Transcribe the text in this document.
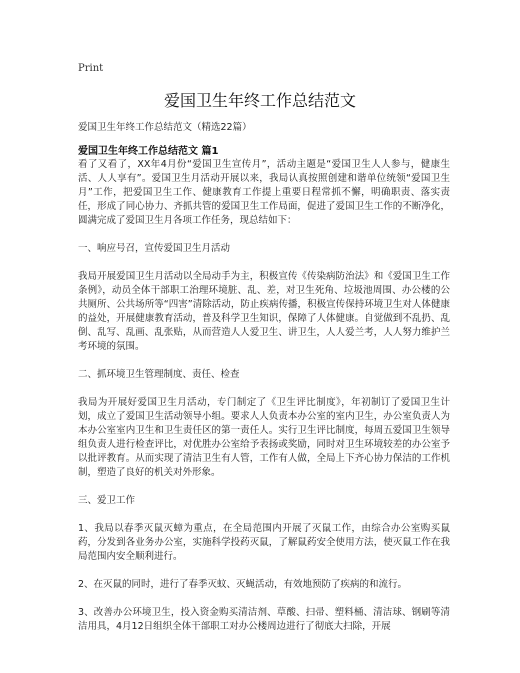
Print
爱国卫生年终工作总结范文
爱国卫生年终工作总结范文（精选22篇）
爱国卫生年终工作总结范文 篇1

看了又看了，XX年4月份“爱国卫生宣传月”，活动主题是“爱国卫生人人参与，健康生活、人人享有”。爱国卫生月活动开展以来，我局认真按照创建和谐单位统领“爱国卫生月”工作，把爱国卫生工作、健康教育工作提上重要日程常抓不懈，明确职责、落实责任，形成了同心协力、齐抓共管的爱国卫生工作局面，促进了爱国卫生工作的不断净化，圆满完成了爱国卫生月各项工作任务，现总结如下：

一、响应号召，宣传爱国卫生月活动

我局开展爱国卫生月活动以全局动手为主，积极宣传《传染病防治法》和《爱国卫生工作条例》，动员全体干部职工治理环境脏、乱、差，对卫生死角、垃圾池周围、办公楼的公共厕所、公共场所等“四害”清除活动，防止疾病传播，积极宣传保持环境卫生对人体健康的益处，开展健康教育活动，普及科学卫生知识，保障了人体健康。自觉做到不乱扔、乱倒、乱写、乱画、乱张贴，从而营造人人爱卫生、讲卫生，人人爱兰考，人人努力维护兰考环境的氛围。

二、抓环境卫生管理制度、责任、检查

我局为开展好爱国卫生月活动，专门制定了《卫生评比制度》，年初制订了爱国卫生计划，成立了爱国卫生活动领导小组。要求人人负责本办公室的室内卫生，办公室负责人为本办公室室内卫生和卫生责任区的第一责任人。实行卫生评比制度，每周五爱国卫生领导组负责人进行检查评比，对优胜办公室给予表扬或奖励，同时对卫生环境较差的办公室予以批评教育。从而实现了清洁卫生有人管，工作有人做，全局上下齐心协力保洁的工作机制，塑造了良好的机关对外形象。

三、爱卫工作

1、我局以春季灭鼠灭蟑为重点，在全局范围内开展了灭鼠工作，由综合办公室购买鼠药，分发到各业务办公室，实施科学投药灭鼠，了解鼠药安全使用方法，使灭鼠工作在我局范围内安全顺利进行。

2、在灭鼠的同时，进行了春季灭蚊、灭蝇活动，有效地预防了疾病的和流行。

3、改善办公环境卫生，投入资金购买清洁剂、草酸、扫帚、塑料桶、清洁球、钢刷等清洁用具，4月12日组织全体干部职工对办公楼周边进行了彻底大扫除，开展
